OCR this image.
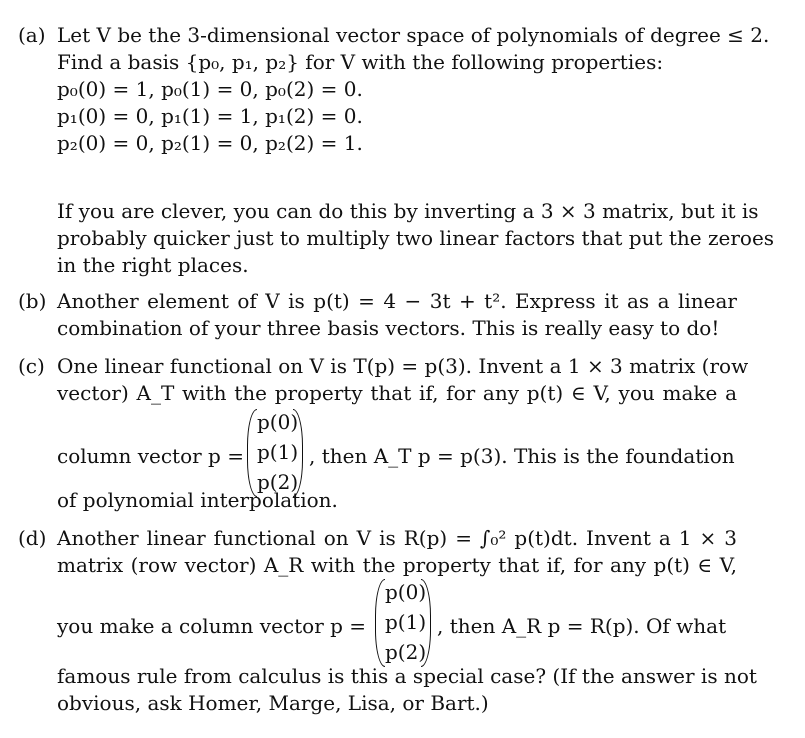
(a) Let V be the 3-dimensional vector space of polynomials of degree ≤ 2.
Find a basis {p₀, p₁, p₂} for V with the following properties:
p₀(0) = 1, p₀(1) = 0, p₀(2) = 0.
p₁(0) = 0, p₁(1) = 1, p₁(2) = 0.
p₂(0) = 0, p₂(1) = 0, p₂(2) = 1.
If you are clever, you can do this by inverting a 3 × 3 matrix, but it is
probably quicker just to multiply two linear factors that put the zeroes
in the right places.
(b) Another element of V is p(t) = 4 − 3t + t². Express it as a linear
combination of your three basis vectors. This is really easy to do!
(c) One linear functional on V is T(p) = p(3). Invent a 1 × 3 matrix (row
vector) A_T with the property that if, for any p(t) ∈ V, you make a
column vector p =
p(0)
p(1)
p(2)
, then A_T p = p(3). This is the foundation
of polynomial interpolation.
(d) Another linear functional on V is R(p) = ∫₀² p(t)dt. Invent a 1 × 3
matrix (row vector) A_R with the property that if, for any p(t) ∈ V,
you make a column vector p =
p(0)
p(1)
p(2)
, then A_R p = R(p). Of what
famous rule from calculus is this a special case? (If the answer is not
obvious, ask Homer, Marge, Lisa, or Bart.)
